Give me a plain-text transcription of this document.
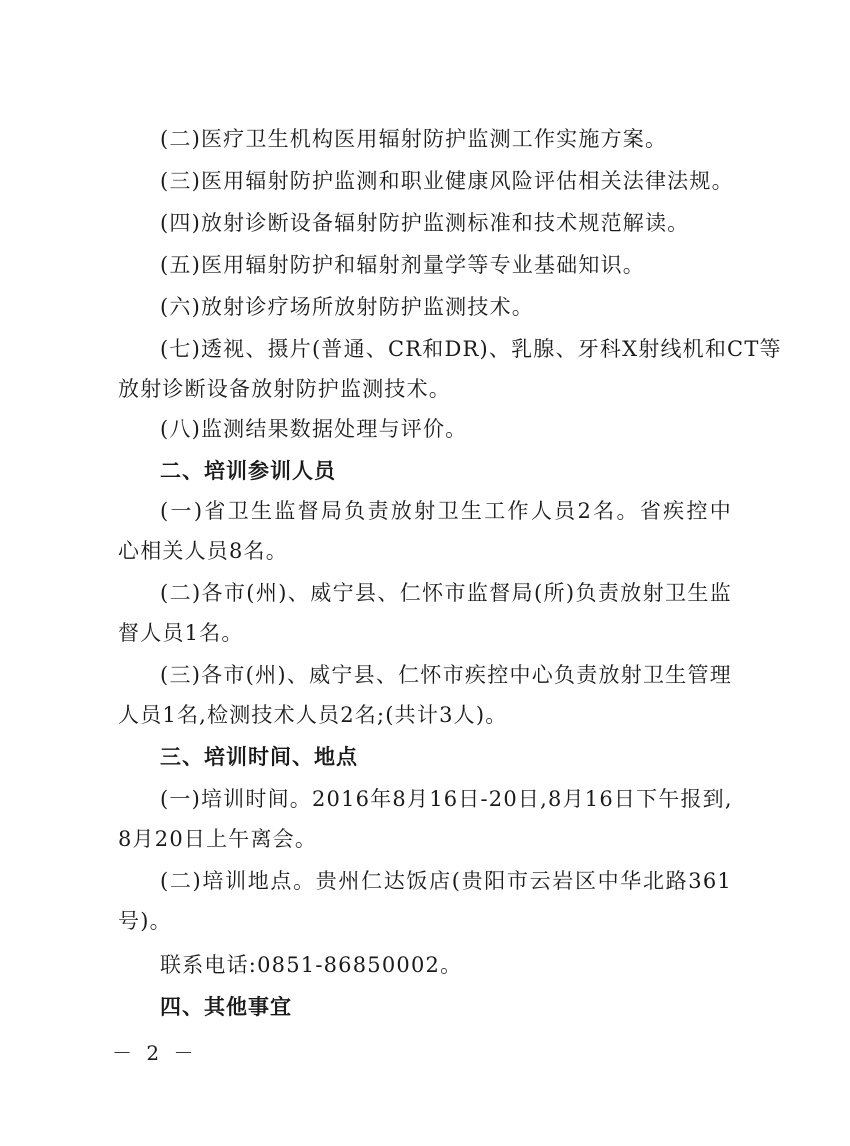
(二)医疗卫生机构医用辐射防护监测工作实施方案。
(三)医用辐射防护监测和职业健康风险评估相关法律法规。
(四)放射诊断设备辐射防护监测标准和技术规范解读。
(五)医用辐射防护和辐射剂量学等专业基础知识。
(六)放射诊疗场所放射防护监测技术。
(七)透视、摄片(普通、CR和DR)、乳腺、牙科X射线机和CT等
放射诊断设备放射防护监测技术。
(八)监测结果数据处理与评价。
二、培训参训人员
(一)省卫生监督局负责放射卫生工作人员2名。省疾控中
心相关人员8名。
(二)各市(州)、威宁县、仁怀市监督局(所)负责放射卫生监
督人员1名。
(三)各市(州)、威宁县、仁怀市疾控中心负责放射卫生管理
人员1名,检测技术人员2名;(共计3人)。
三、培训时间、地点
(一)培训时间。2016年8月16日-20日,8月16日下午报到,
8月20日上午离会。
(二)培训地点。贵州仁达饭店(贵阳市云岩区中华北路361
号)。
联系电话:0851-86850002。
四、其他事宜
－ 2 －
